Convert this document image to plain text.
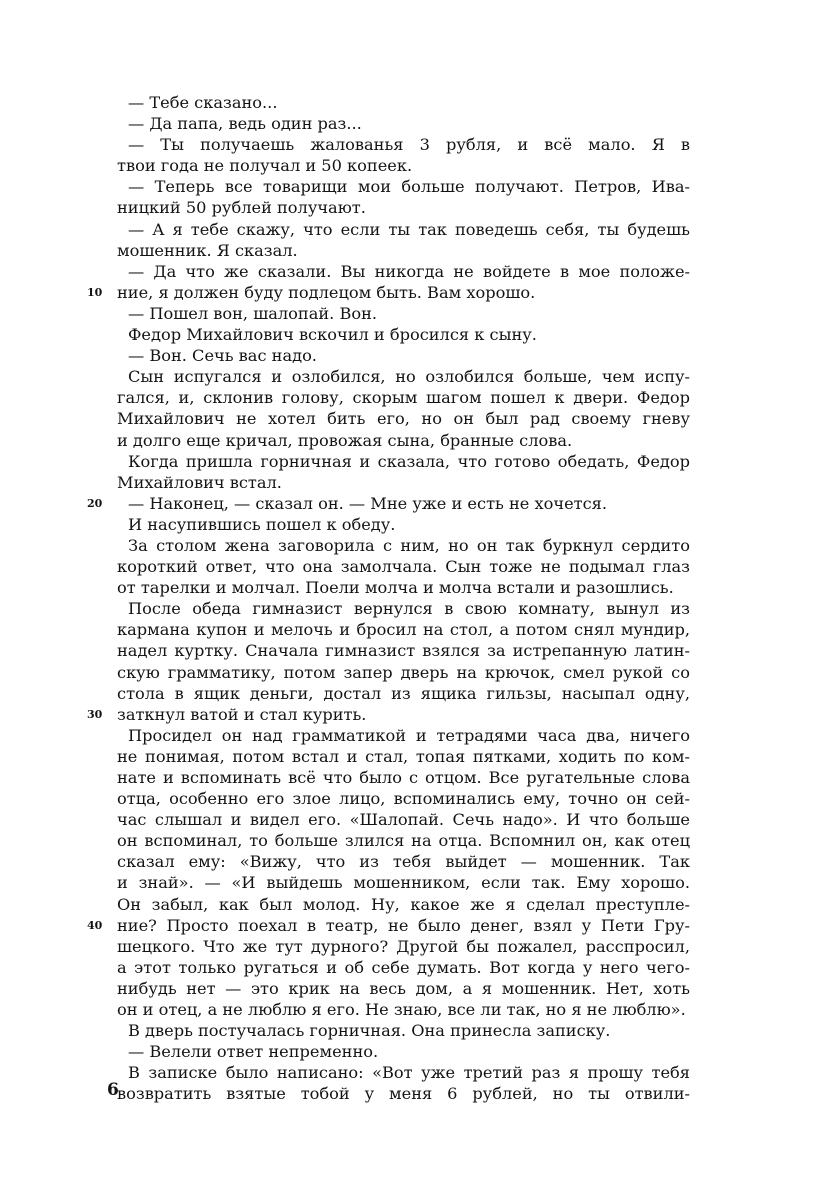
— Тебе сказано...
— Да папа, ведь один раз...
— Ты получаешь жалованья 3 рубля, и всё мало. Я в
твои года не получал и 50 копеек.
— Теперь все товарищи мои больше получают. Петров, Ива-
ницкий 50 рублей получают.
— А я тебе скажу, что если ты так поведешь себя, ты будешь
мошенник. Я сказал.
— Да что же сказали. Вы никогда не войдете в мое положе-
10 ние, я должен буду подлецом быть. Вам хорошо.
— Пошел вон, шалопай. Вон.
Федор Михайлович вскочил и бросился к сыну.
— Вон. Сечь вас надо.
Сын испугался и озлобился, но озлобился больше, чем испу-
гался, и, склонив голову, скорым шагом пошел к двери. Федор
Михайлович не хотел бить его, но он был рад своему гневу
и долго еще кричал, провожая сына, бранные слова.
Когда пришла горничная и сказала, что готово обедать, Федор
Михайлович встал.
20 — Наконец, — сказал он. — Мне уже и есть не хочется.
И насупившись пошел к обеду.
За столом жена заговорила с ним, но он так буркнул сердито
короткий ответ, что она замолчала. Сын тоже не подымал глаз
от тарелки и молчал. Поели молча и молча встали и разошлись.
После обеда гимназист вернулся в свою комнату, вынул из
кармана купон и мелочь и бросил на стол, а потом снял мундир,
надел куртку. Сначала гимназист взялся за истрепанную латин-
скую грамматику, потом запер дверь на крючок, смел рукой со
стола в ящик деньги, достал из ящика гильзы, насыпал одну,
30 заткнул ватой и стал курить.
Просидел он над грамматикой и тетрадями часа два, ничего
не понимая, потом встал и стал, топая пятками, ходить по ком-
нате и вспоминать всё что было с отцом. Все ругательные слова
отца, особенно его злое лицо, вспоминались ему, точно он сей-
час слышал и видел его. «Шалопай. Сечь надо». И что больше
он вспоминал, то больше злился на отца. Вспомнил он, как отец
сказал ему: «Вижу, что из тебя выйдет — мошенник. Так
и знай». — «И выйдешь мошенником, если так. Ему хорошо.
Он забыл, как был молод. Ну, какое же я сделал преступле-
40 ние? Просто поехал в театр, не было денег, взял у Пети Гру-
шецкого. Что же тут дурного? Другой бы пожалел, расспросил,
а этот только ругаться и об себе думать. Вот когда у него чего-
нибудь нет — это крик на весь дом, а я мошенник. Нет, хоть
он и отец, а не люблю я его. Не знаю, все ли так, но я не люблю».
В дверь постучалась горничная. Она принесла записку.
— Велели ответ непременно.
В записке было написано: «Вот уже третий раз я прошу тебя
возвратить взятые тобой у меня 6 рублей, но ты отвили-
6
